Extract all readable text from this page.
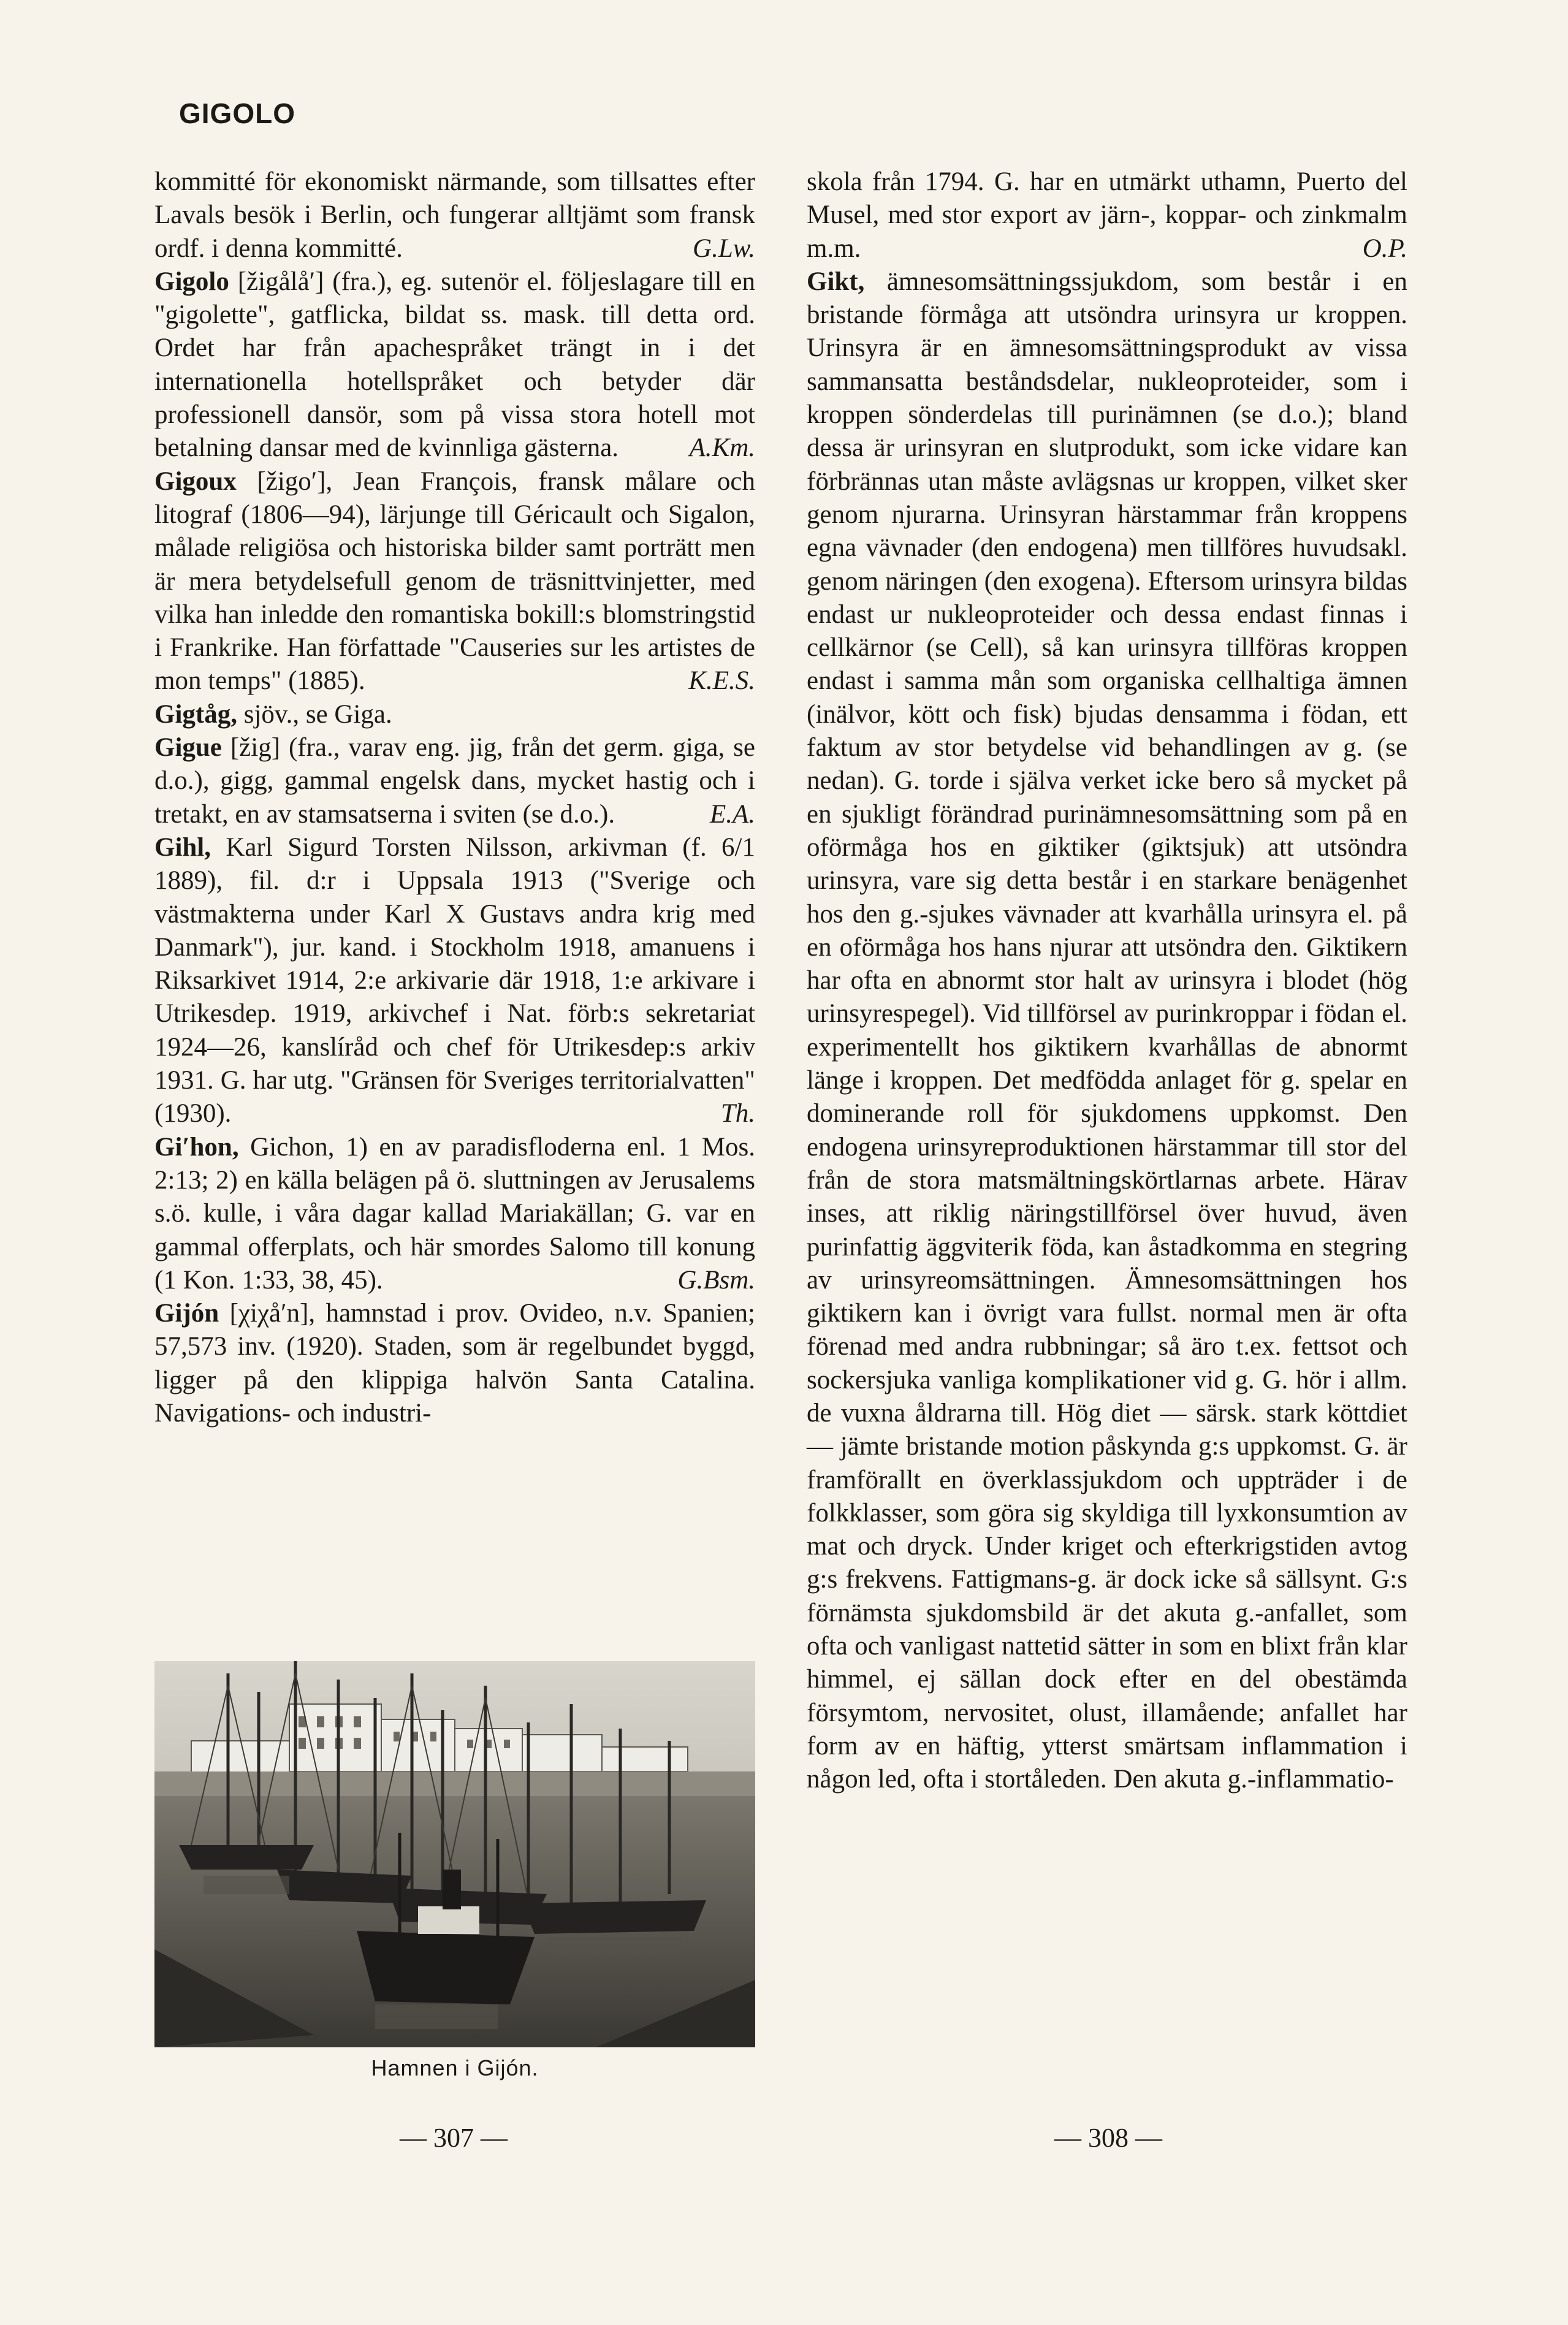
GIGOLO

kommitté för ekonomiskt närmande, som tillsattes efter Lavals besök i Berlin, och fungerar alltjämt som fransk ordf. i denna kommitté.	G.Lw.

Gigolo [žigålå′] (fra.), eg. sutenör el. följeslagare till en "gigolette", gatflicka, bildat ss. mask. till detta ord. Ordet har från apachespråket trängt in i det internationella hotellspråket och betyder där professionell dansör, som på vissa stora hotell mot betalning dansar med de kvinnliga gästerna.	A.Km.

Gigoux [žigo′], Jean François, fransk målare och litograf (1806—94), lärjunge till Géricault och Sigalon, målade religiösa och historiska bilder samt porträtt men är mera betydelsefull genom de träsnittvinjetter, med vilka han inledde den romantiska bokill:s blomstringstid i Frankrike. Han författade "Causeries sur les artistes de mon temps" (1885).	K.E.S.

Gigtåg, sjöv., se Giga.

Gigue [žig] (fra., varav eng. jig, från det germ. giga, se d.o.), gigg, gammal engelsk dans, mycket hastig och i tretakt, en av stamsatserna i sviten (se d.o.).	E.A.

Gihl, Karl Sigurd Torsten Nilsson, arkivman (f. 6/1 1889), fil. d:r i Uppsala 1913 ("Sverige och västmakterna under Karl X Gustavs andra krig med Danmark"), jur. kand. i Stockholm 1918, amanuens i Riksarkivet 1914, 2:e arkivarie där 1918, 1:e arkivare i Utrikesdep. 1919, arkivchef i Nat. förb:s sekretariat 1924—26, kanslíråd och chef för Utrikesdep:s arkiv 1931. G. har utg. "Gränsen för Sveriges territorialvatten" (1930).	Th.

Gi′hon, Gichon, 1) en av paradisfloderna enl. 1 Mos. 2:13; 2) en källa belägen på ö. sluttningen av Jerusalems s.ö. kulle, i våra dagar kallad Mariakällan; G. var en gammal offerplats, och här smordes Salomo till konung (1 Kon. 1:33, 38, 45).	G.Bsm.

Gijón [χiχå′n], hamnstad i prov. Ovideo, n.v. Spanien; 57,573 inv. (1920). Staden, som är regelbundet byggd, ligger på den klippiga halvön Santa Catalina. Navigations- och industri-

skola från 1794. G. har en utmärkt uthamn, Puerto del Musel, med stor export av järn-, koppar- och zinkmalm m.m.	O.P.

Gikt, ämnesomsättningssjukdom, som består i en bristande förmåga att utsöndra urinsyra ur kroppen. Urinsyra är en ämnesomsättningsprodukt av vissa sammansatta beståndsdelar, nukleoproteider, som i kroppen sönderdelas till purinämnen (se d.o.); bland dessa är urinsyran en slutprodukt, som icke vidare kan förbrännas utan måste avlägsnas ur kroppen, vilket sker genom njurarna. Urinsyran härstammar från kroppens egna vävnader (den endogena) men tillföres huvudsakl. genom näringen (den exogena). Eftersom urinsyra bildas endast ur nukleoproteider och dessa endast finnas i cellkärnor (se Cell), så kan urinsyra tillföras kroppen endast i samma mån som organiska cellhaltiga ämnen (inälvor, kött och fisk) bjudas densamma i födan, ett faktum av stor betydelse vid behandlingen av g. (se nedan). G. torde i själva verket icke bero så mycket på en sjukligt förändrad purinämnesomsättning som på en oförmåga hos en giktiker (giktsjuk) att utsöndra urinsyra, vare sig detta består i en starkare benägenhet hos den g.-sjukes vävnader att kvarhålla urinsyra el. på en oförmåga hos hans njurar att utsöndra den. Giktikern har ofta en abnormt stor halt av urinsyra i blodet (hög urinsyrespegel). Vid tillförsel av purinkroppar i födan el. experimentellt hos giktikern kvarhållas de abnormt länge i kroppen. Det medfödda anlaget för g. spelar en dominerande roll för sjukdomens uppkomst. Den endogena urinsyreproduktionen härstammar till stor del från de stora matsmältningskörtlarnas arbete. Härav inses, att riklig näringstillförsel över huvud, även purinfattig äggviterik föda, kan åstadkomma en stegring av urinsyreomsättningen. Ämnesomsättningen hos giktikern kan i övrigt vara fullst. normal men är ofta förenad med andra rubbningar; så äro t.ex. fettsot och sockersjuka vanliga komplikationer vid g. G. hör i allm. de vuxna åldrarna till. Hög diet — särsk. stark köttdiet — jämte bristande motion påskynda g:s uppkomst. G. är framförallt en överklassjukdom och uppträder i de folkklasser, som göra sig skyldiga till lyxkonsumtion av mat och dryck. Under kriget och efterkrigstiden avtog g:s frekvens. Fattigmans-g. är dock icke så sällsynt. G:s förnämsta sjukdomsbild är det akuta g.-anfallet, som ofta och vanligast nattetid sätter in som en blixt från klar himmel, ej sällan dock efter en del obestämda försymtom, nervositet, olust, illamående; anfallet har form av en häftig, ytterst smärtsam inflammation i någon led, ofta i stortåleden. Den akuta g.-inflammatio-

Hamnen i Gijón.
— 307 —	— 308 —
